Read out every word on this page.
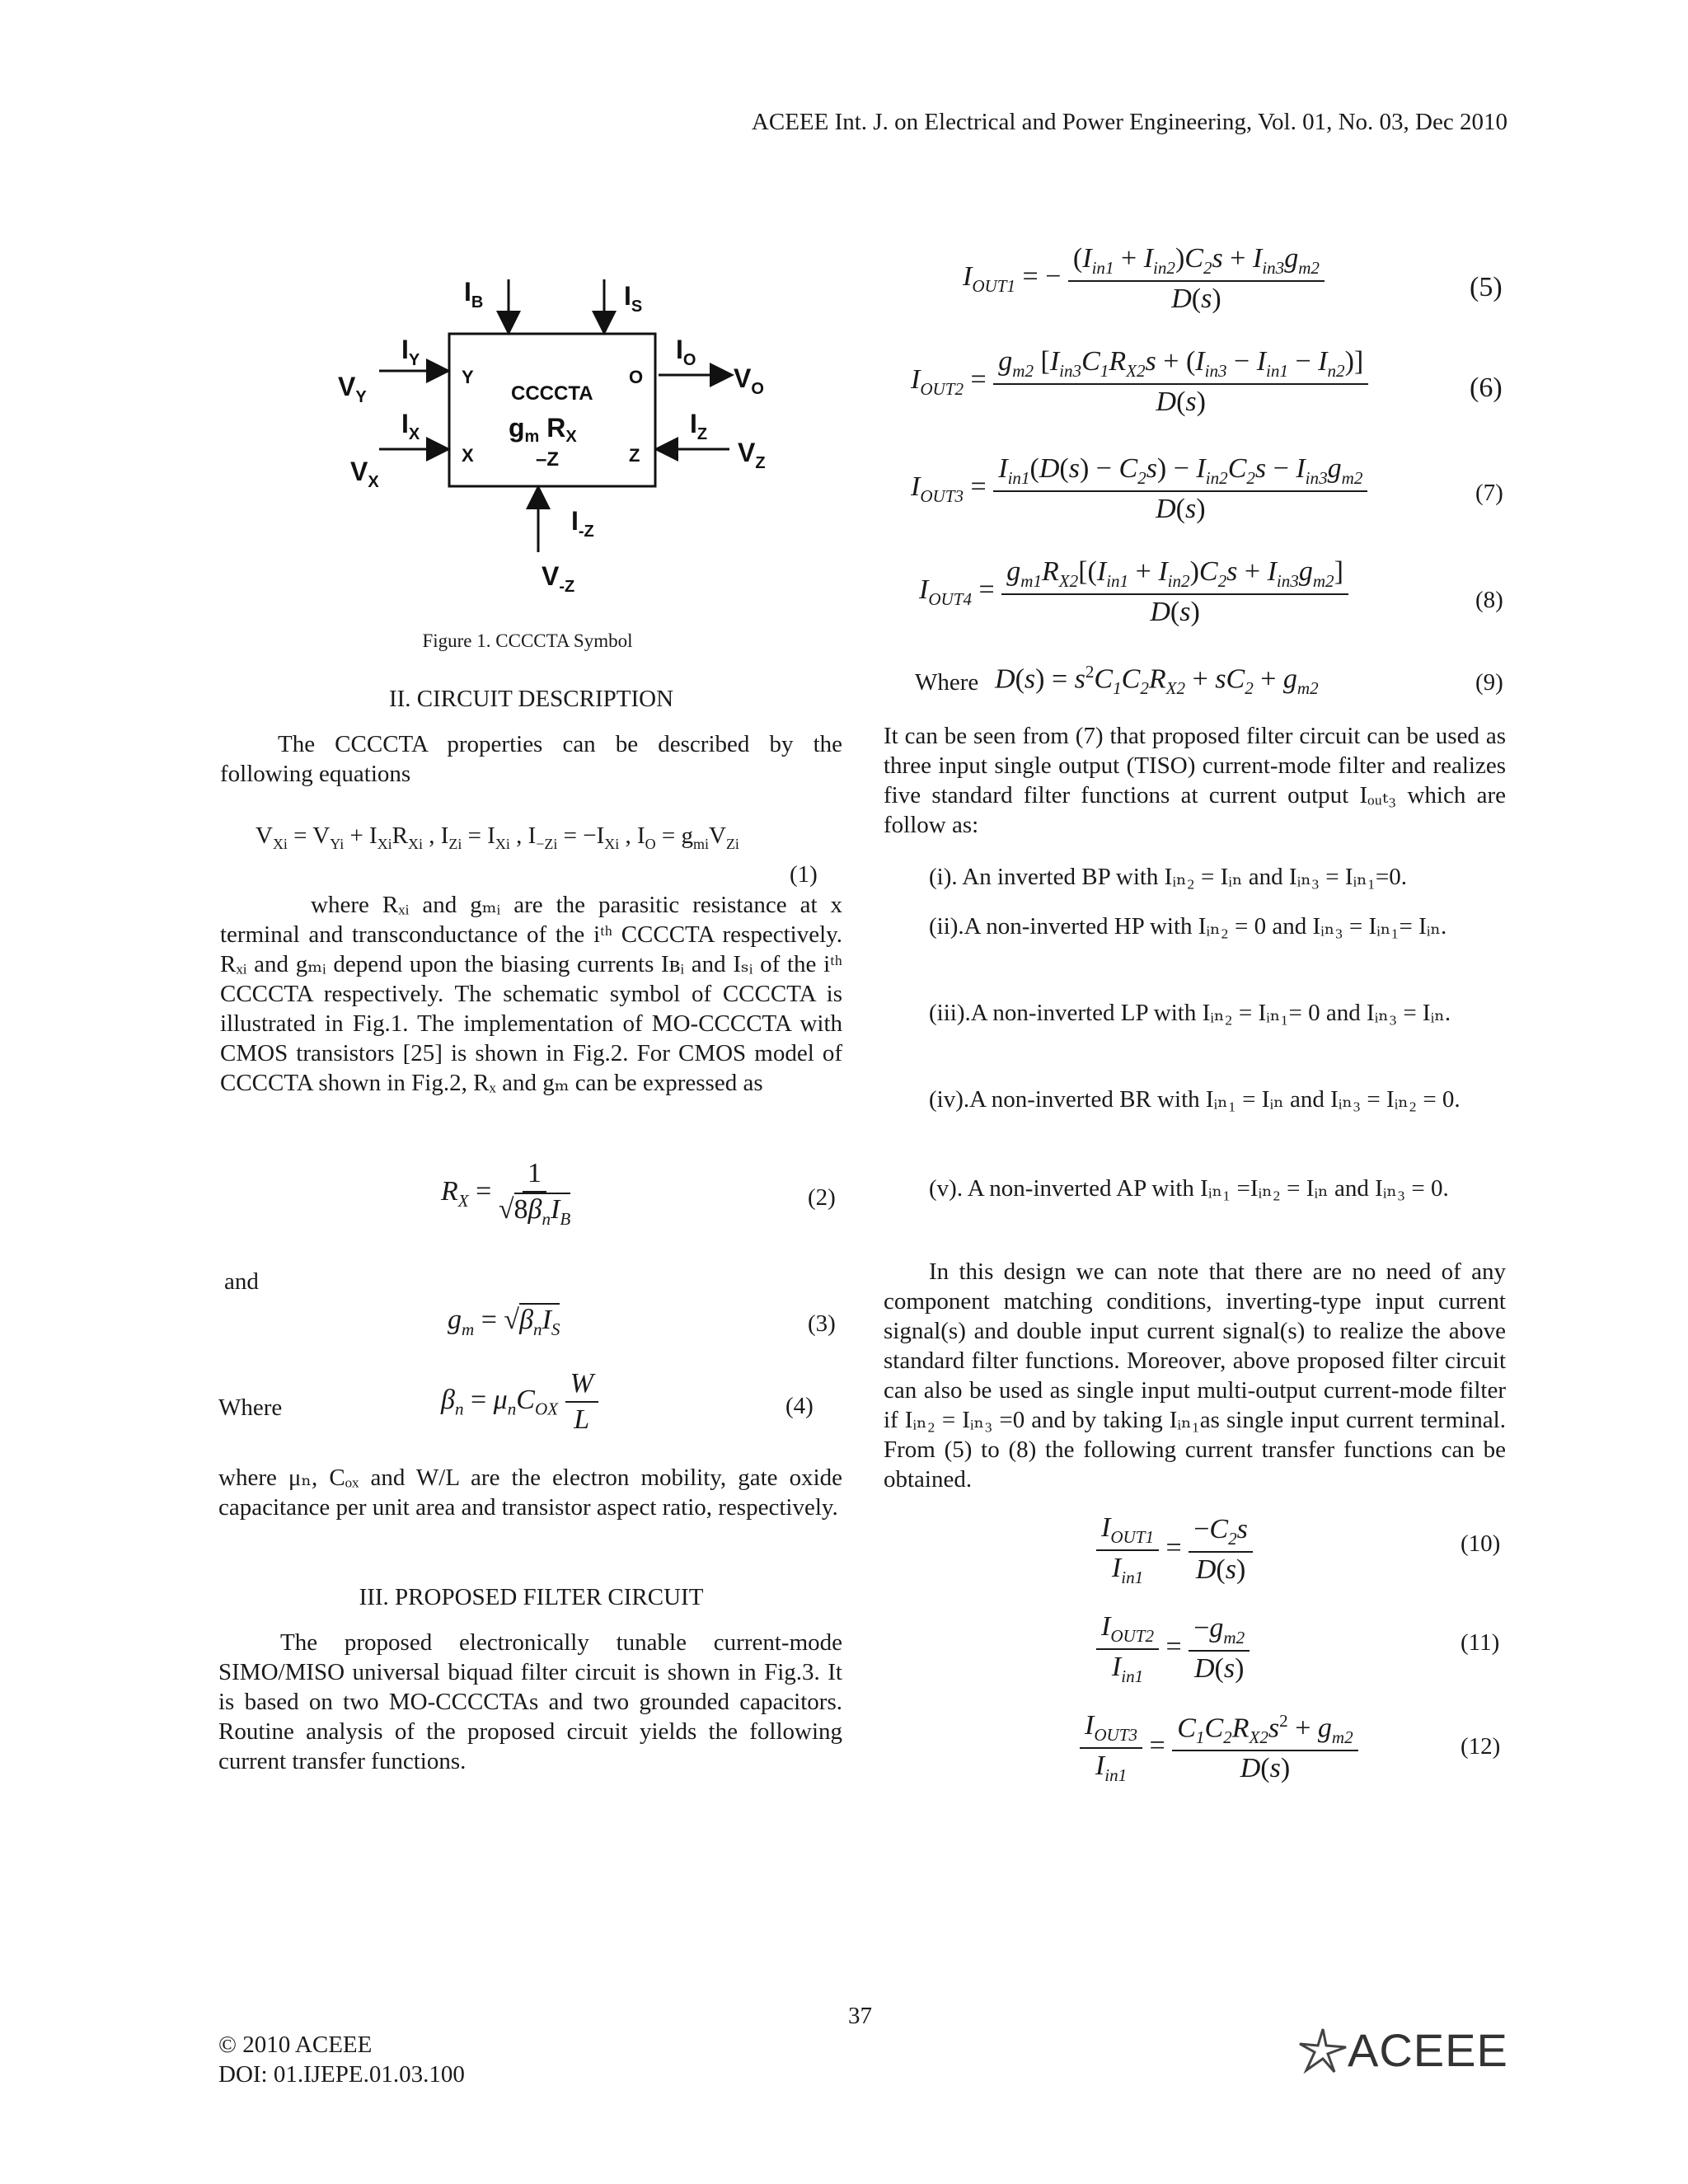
ACEEE Int. J. on Electrical and Power Engineering, Vol. 01, No. 03, Dec 2010
$I_B$	$I_S$
$I_Y$
$V_Y$
$I_X$
$V_X$
$I_O$
$V_O$
$I_Z$
$V_Z$
$I_{-Z}$
$V_{-Z}$
Y
X
O
Z
CCCCTA
gm RX
–Z
Figure 1. CCCCTA Symbol
II. CIRCUIT DESCRIPTION
The CCCCTA properties can be described by the following equations
$V_{Xi} = V_{Yi} + I_{Xi}R_{Xi}$ , $I_{Zi} = I_{Xi}$ , $I_{-Zi} = -I_{Xi}$ , $I_O = g_{mi}V_{Zi}$
(1)
where Rₓᵢ and gₘᵢ are the parasitic resistance at x terminal and transconductance of the iᵗʰ CCCCTA respectively. Rₓᵢ and gₘᵢ depend upon the biasing currents Iʙᵢ and Iₛᵢ of the iᵗʰ CCCCTA respectively. The schematic symbol of CCCCTA is illustrated in Fig.1. The implementation of MO-CCCCTA with CMOS transistors [25] is shown in Fig.2. For CMOS model of CCCCTA shown in Fig.2, Rₓ and gₘ can be expressed as
$R_X = \frac{1}{√8\beta_nI_B}$	(2)
and
$g_m = √\beta_nI_S$	(3)
Where	$\beta_n = \mu_nC_{OX} \frac{W}{L}$	(4)
where μₙ, Cₒₓ and W/L are the electron mobility, gate oxide capacitance per unit area and transistor aspect ratio, respectively.
III. PROPOSED FILTER CIRCUIT
The proposed electronically tunable current-mode SIMO/MISO universal biquad filter circuit is shown in Fig.3. It is based on two MO-CCCCTAs and two grounded capacitors. Routine analysis of the proposed circuit yields the following current transfer functions.
$I_{OUT1}$ = − $\frac{(I_{in1} + I_{in2})C_2s + I_{in3}g_{m2}}{D(s)}$	(5)
$I_{OUT2} = \frac{g_{m2} [I_{in3}C_1R_{X2}s + (I_{in3} - I_{in1} - I_{n2})]}{D(s)}$	(6)
$I_{OUT3} = \frac{I_{in1}(D(s) - C_2s) - I_{in2}C_2s - I_{in3}g_{m2}}{D(s)}$	(7)
$I_{OUT4} = \frac{g_{m1}R_{X2}[(I_{in1} + I_{in2})C_2s + I_{in3}g_{m2}]}{D(s)}$	(8)
Where $D(s) = s^2C_1C_2R_{X2} + sC_2 + g_{m2}$	(9)
It can be seen from (7) that proposed filter circuit can be used as three input single output (TISO) current-mode filter and realizes five standard filter functions at current output Iₒᵤₜ₃ which are follow as:
(i). An inverted BP with Iᵢₙ₂ = Iᵢₙ and Iᵢₙ₃ = Iᵢₙ₁=0.
(ii).A non-inverted HP with Iᵢₙ₂ = 0 and Iᵢₙ₃ = Iᵢₙ₁= Iᵢₙ.
(iii).A non-inverted LP with Iᵢₙ₂ = Iᵢₙ₁= 0 and Iᵢₙ₃ = Iᵢₙ.
(iv).A non-inverted BR with Iᵢₙ₁ = Iᵢₙ and Iᵢₙ₃ = Iᵢₙ₂ = 0.
(v). A non-inverted AP with Iᵢₙ₁ =Iᵢₙ₂ = Iᵢₙ and Iᵢₙ₃ = 0.
In this design we can note that there are no need of any component matching conditions, inverting-type input current signal(s) and double input current signal(s) to realize the above standard filter functions. Moreover, above proposed filter circuit can also be used as single input multi-output current-mode filter if Iᵢₙ₂ = Iᵢₙ₃ =0 and by taking Iᵢₙ₁as single input current terminal. From (5) to (8) the following current transfer functions can be obtained.
$\frac{I_{OUT1}}{I_{in1}} = \frac{-C_2s}{D(s)}$	(10)
$\frac{I_{OUT2}}{I_{in1}} = \frac{-g_{m2}}{D(s)}$	(11)
$\frac{I_{OUT3}}{I_{in1}} = \frac{C_1C_2R_{X2}s^2 + g_{m2}}{D(s)}$	(12)
37
© 2010 ACEEE
DOI: 01.IJEPE.01.03.100	ACEEE
